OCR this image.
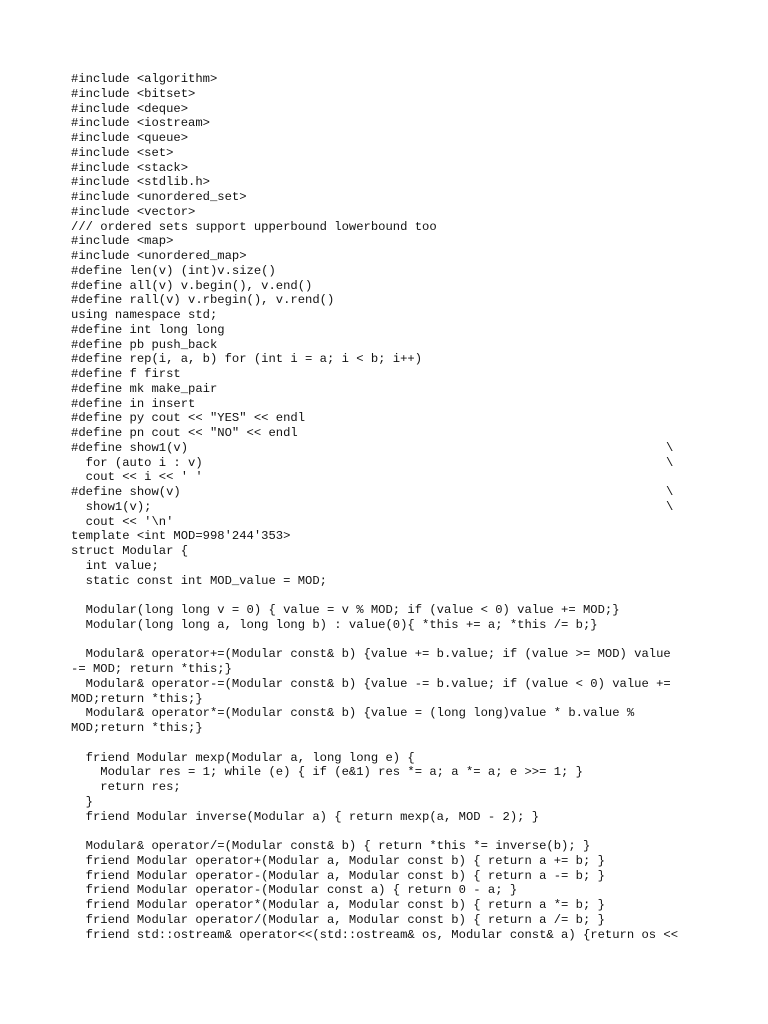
#include <algorithm>
#include <bitset>
#include <deque>
#include <iostream>
#include <queue>
#include <set>
#include <stack>
#include <stdlib.h>
#include <unordered_set>
#include <vector>
/// ordered sets support upperbound lowerbound too
#include <map>
#include <unordered_map>
#define len(v) (int)v.size()
#define all(v) v.begin(), v.end()
#define rall(v) v.rbegin(), v.rend()
using namespace std;
#define int long long
#define pb push_back
#define rep(i, a, b) for (int i = a; i < b; i++)
#define f first
#define mk make_pair
#define in insert
#define py cout << "YES" << endl
#define pn cout << "NO" << endl
#define show1(v)	\
for (auto i : v)	\
cout << i << ' '
#define show(v)	\
show1(v);	\
cout << '\n'
template <int MOD=998'244'353>
struct Modular {
int value;
static const int MOD_value = MOD;
Modular(long long v = 0) { value = v % MOD; if (value < 0) value += MOD;}
Modular(long long a, long long b) : value(0){ *this += a; *this /= b;}
Modular& operator+=(Modular const& b) {value += b.value; if (value >= MOD) value
-= MOD; return *this;}
Modular& operator-=(Modular const& b) {value -= b.value; if (value < 0) value +=
MOD;return *this;}
Modular& operator*=(Modular const& b) {value = (long long)value * b.value %
MOD;return *this;}
friend Modular mexp(Modular a, long long e) {
Modular res = 1; while (e) { if (e&1) res *= a; a *= a; e >>= 1; }
return res;
}
friend Modular inverse(Modular a) { return mexp(a, MOD - 2); }
Modular& operator/=(Modular const& b) { return *this *= inverse(b); }
friend Modular operator+(Modular a, Modular const b) { return a += b; }
friend Modular operator-(Modular a, Modular const b) { return a -= b; }
friend Modular operator-(Modular const a) { return 0 - a; }
friend Modular operator*(Modular a, Modular const b) { return a *= b; }
friend Modular operator/(Modular a, Modular const b) { return a /= b; }
friend std::ostream& operator<<(std::ostream& os, Modular const& a) {return os <<
